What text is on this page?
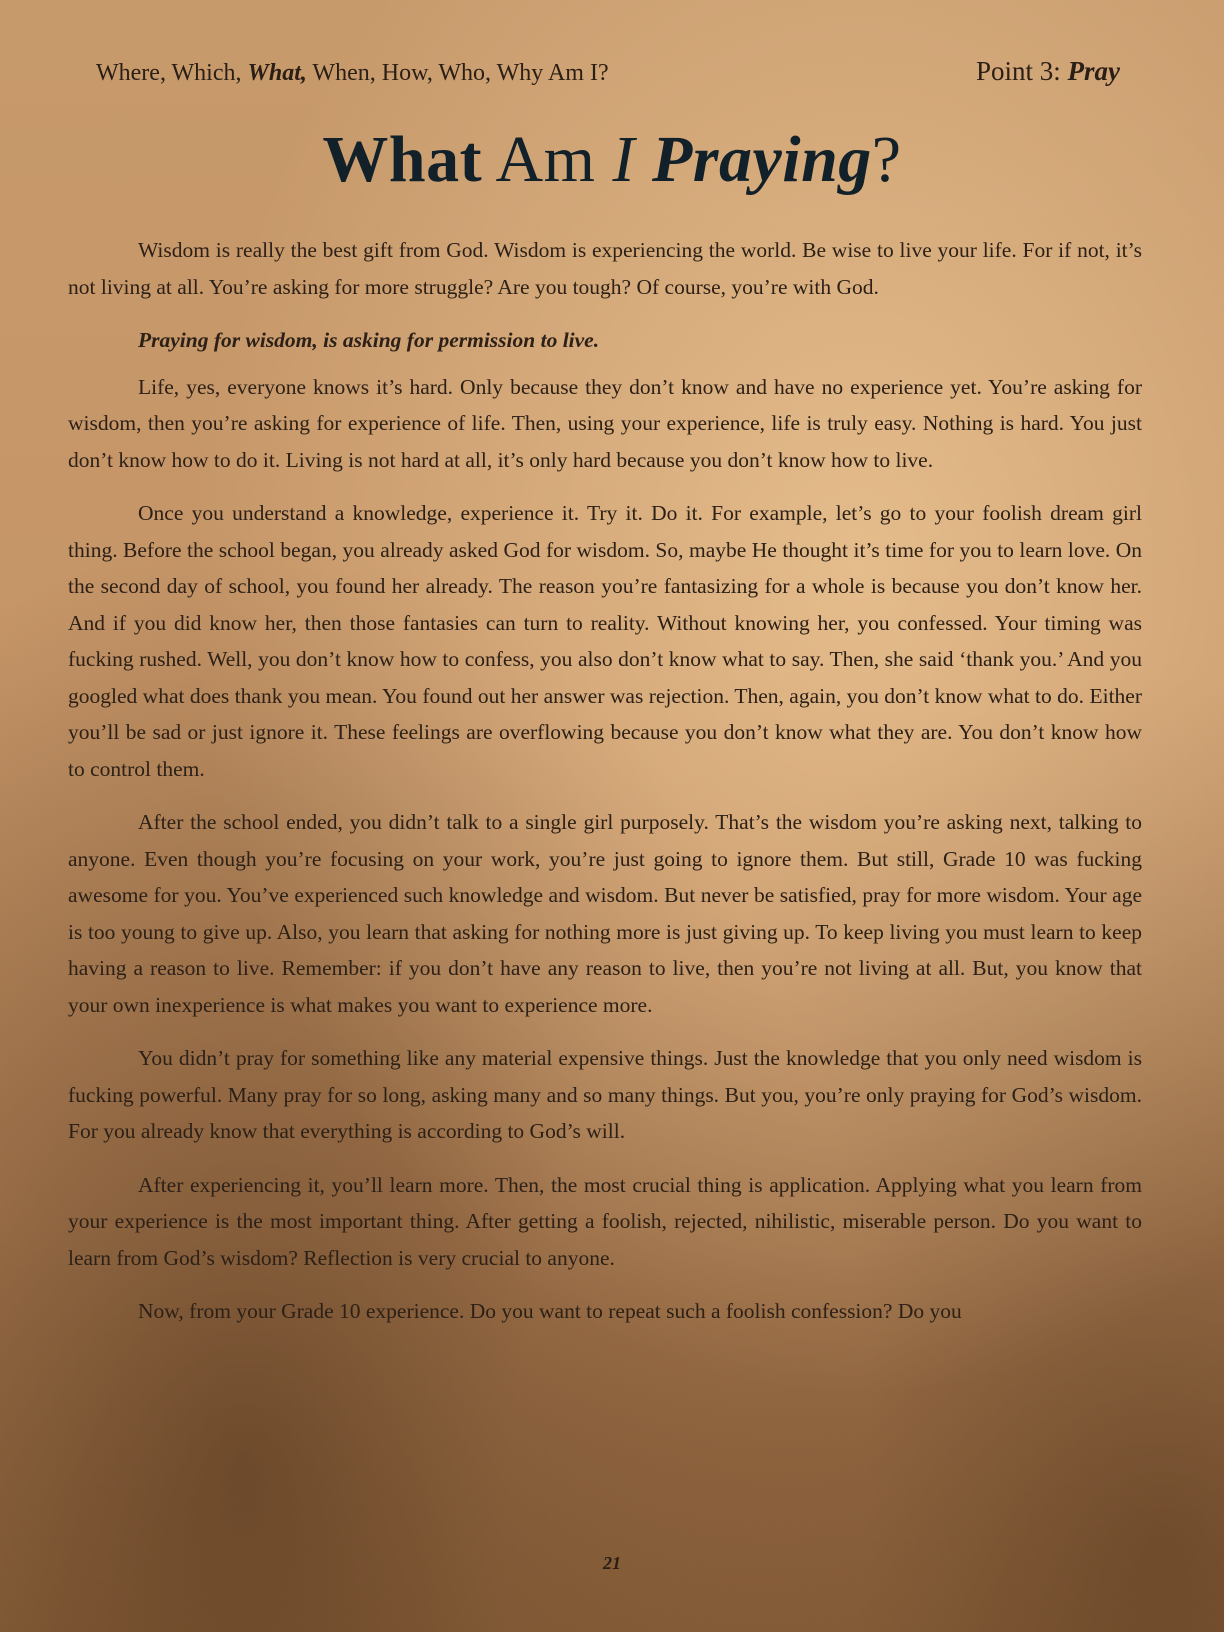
Where, Which, What, When, How, Who, Why Am I?	Point 3: Pray
What Am I Praying?

Wisdom is really the best gift from God. Wisdom is experiencing the world. Be wise to live your life. For if not, it’s not living at all. You’re asking for more struggle? Are you tough? Of course, you’re with God.

Praying for wisdom, is asking for permission to live.

Life, yes, everyone knows it’s hard. Only because they don’t know and have no experience yet. You’re asking for wisdom, then you’re asking for experience of life. Then, using your experience, life is truly easy. Nothing is hard. You just don’t know how to do it. Living is not hard at all, it’s only hard because you don’t know how to live.

Once you understand a knowledge, experience it. Try it. Do it. For example, let’s go to your foolish dream girl thing. Before the school began, you already asked God for wisdom. So, maybe He thought it’s time for you to learn love. On the second day of school, you found her already. The reason you’re fantasizing for a whole is because you don’t know her. And if you did know her, then those fantasies can turn to reality. Without knowing her, you confessed. Your timing was fucking rushed. Well, you don’t know how to confess, you also don’t know what to say. Then, she said ‘thank you.’ And you googled what does thank you mean. You found out her answer was rejection. Then, again, you don’t know what to do. Either you’ll be sad or just ignore it. These feelings are overflowing because you don’t know what they are. You don’t know how to control them.

After the school ended, you didn’t talk to a single girl purposely. That’s the wisdom you’re asking next, talking to anyone. Even though you’re focusing on your work, you’re just going to ignore them. But still, Grade 10 was fucking awesome for you. You’ve experienced such knowledge and wisdom. But never be satisfied, pray for more wisdom. Your age is too young to give up. Also, you learn that asking for nothing more is just giving up. To keep living you must learn to keep having a reason to live. Remember: if you don’t have any reason to live, then you’re not living at all. But, you know that your own inexperience is what makes you want to experience more.

You didn’t pray for something like any material expensive things. Just the knowledge that you only need wisdom is fucking powerful. Many pray for so long, asking many and so many things. But you, you’re only praying for God’s wisdom. For you already know that everything is according to God’s will.

After experiencing it, you’ll learn more. Then, the most crucial thing is application. Applying what you learn from your experience is the most important thing. After getting a foolish, rejected, nihilistic, miserable person. Do you want to learn from God’s wisdom? Reflection is very crucial to anyone.

Now, from your Grade 10 experience. Do you want to repeat such a foolish confession? Do you

21
